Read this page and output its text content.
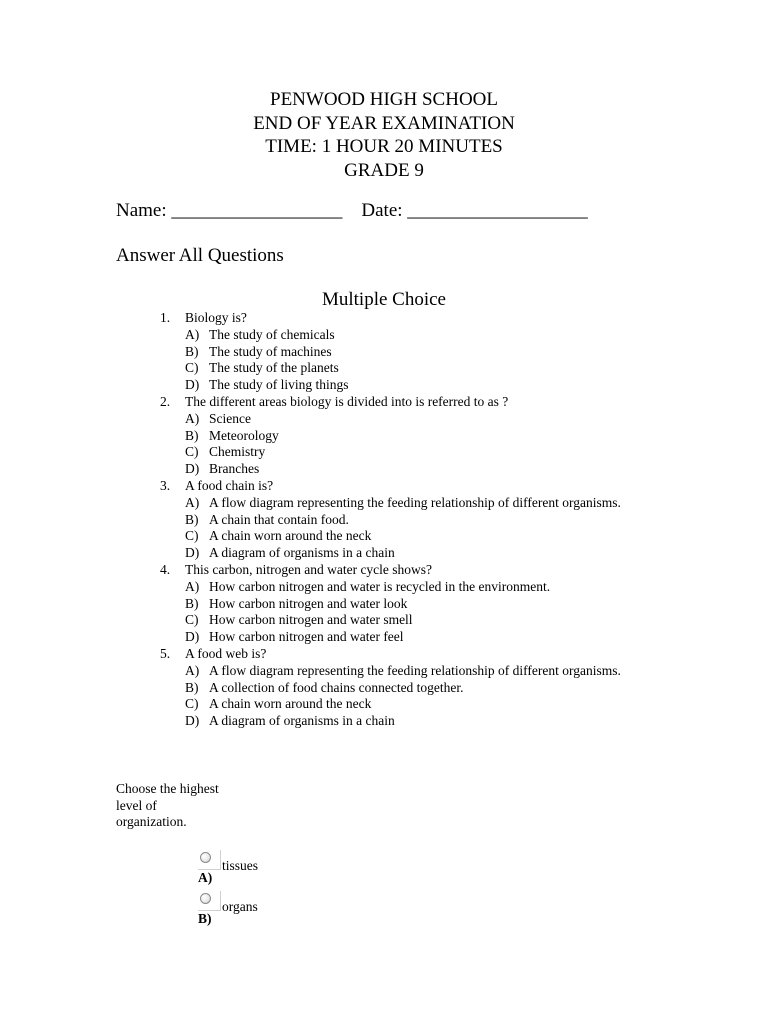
PENWOOD HIGH SCHOOL
END OF YEAR EXAMINATION
TIME: 1 HOUR 20 MINUTES
GRADE 9
Name: __________________    Date: ___________________
Answer All Questions
Multiple Choice
1. Biology is?
A) The study of chemicals
B) The study of machines
C) The study of the planets
D) The study of living things
2. The different areas biology is divided into is referred to as ?
A) Science
B) Meteorology
C) Chemistry
D) Branches
3. A food chain is?
A) A flow diagram representing the feeding relationship of different organisms.
B) A chain that contain food.
C) A chain worn around the neck
D) A diagram of organisms in a chain
4. This carbon, nitrogen and water cycle shows?
A) How carbon nitrogen and water is recycled in the environment.
B) How carbon nitrogen and water look
C) How carbon nitrogen and water smell
D) How carbon nitrogen and water feel
5. A food web is?
A) A flow diagram representing the feeding relationship of different organisms.
B) A collection of food chains connected together.
C) A chain worn around the neck
D) A diagram of organisms in a chain
Choose the highest level of organization.
tissues
A)
organs
B)
